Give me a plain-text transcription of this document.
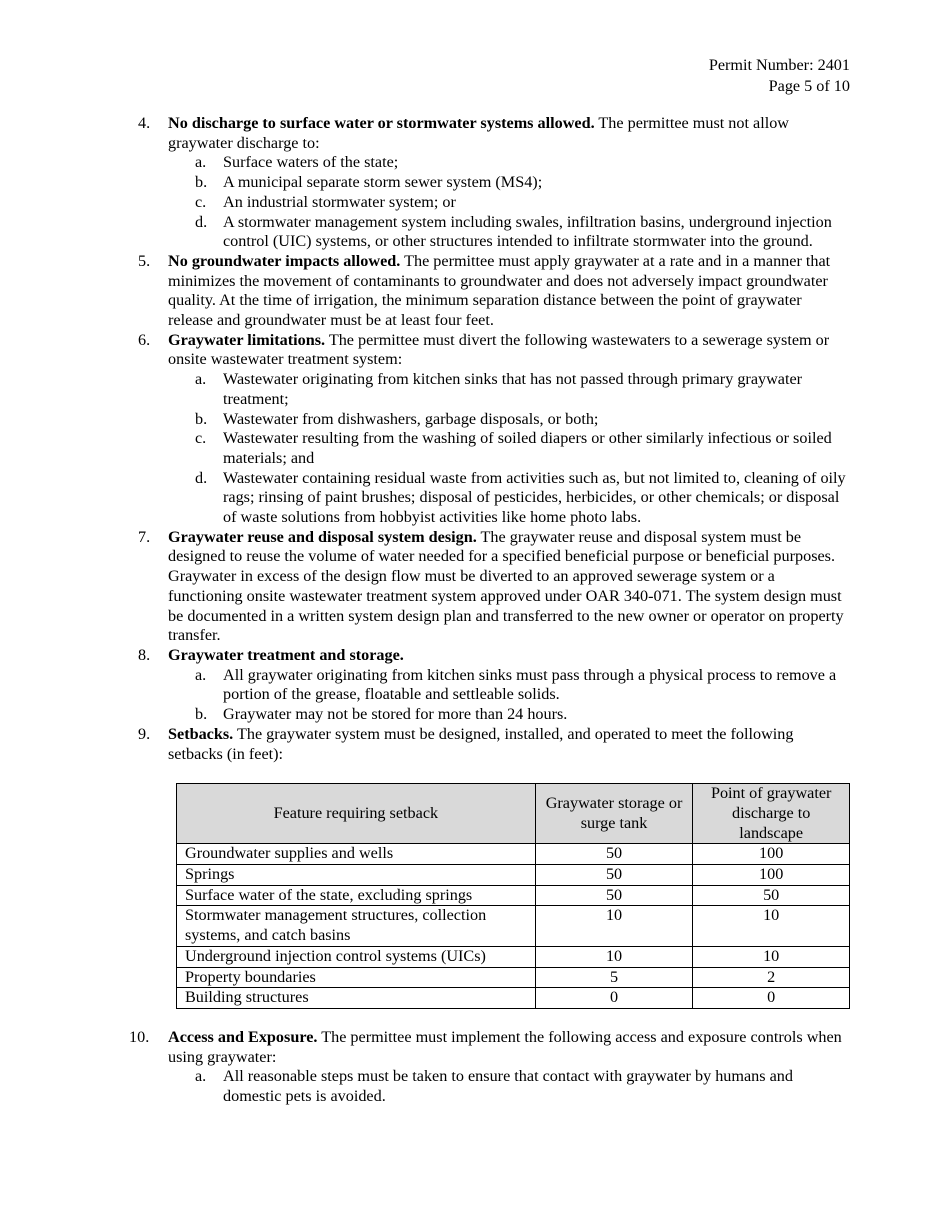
Permit Number: 2401
Page 5 of 10
4. No discharge to surface water or stormwater systems allowed. The permittee must not allow graywater discharge to:
a. Surface waters of the state;
b. A municipal separate storm sewer system (MS4);
c. An industrial stormwater system; or
d. A stormwater management system including swales, infiltration basins, underground injection control (UIC) systems, or other structures intended to infiltrate stormwater into the ground.
5. No groundwater impacts allowed. The permittee must apply graywater at a rate and in a manner that minimizes the movement of contaminants to groundwater and does not adversely impact groundwater quality. At the time of irrigation, the minimum separation distance between the point of graywater release and groundwater must be at least four feet.
6. Graywater limitations. The permittee must divert the following wastewaters to a sewerage system or onsite wastewater treatment system:
a. Wastewater originating from kitchen sinks that has not passed through primary graywater treatment;
b. Wastewater from dishwashers, garbage disposals, or both;
c. Wastewater resulting from the washing of soiled diapers or other similarly infectious or soiled materials; and
d. Wastewater containing residual waste from activities such as, but not limited to, cleaning of oily rags; rinsing of paint brushes; disposal of pesticides, herbicides, or other chemicals; or disposal of waste solutions from hobbyist activities like home photo labs.
7. Graywater reuse and disposal system design. The graywater reuse and disposal system must be designed to reuse the volume of water needed for a specified beneficial purpose or beneficial purposes. Graywater in excess of the design flow must be diverted to an approved sewerage system or a functioning onsite wastewater treatment system approved under OAR 340-071. The system design must be documented in a written system design plan and transferred to the new owner or operator on property transfer.
8. Graywater treatment and storage.
a. All graywater originating from kitchen sinks must pass through a physical process to remove a portion of the grease, floatable and settleable solids.
b. Graywater may not be stored for more than 24 hours.
9. Setbacks. The graywater system must be designed, installed, and operated to meet the following setbacks (in feet):
Feature requiring setback	Graywater storage or surge tank	Point of graywater discharge to landscape
Groundwater supplies and wells	50	100
Springs	50	100
Surface water of the state, excluding springs	50	50
Stormwater management structures, collection systems, and catch basins	10	10
Underground injection control systems (UICs)	10	10
Property boundaries	5	2
Building structures	0	0
10. Access and Exposure. The permittee must implement the following access and exposure controls when using graywater:
a. All reasonable steps must be taken to ensure that contact with graywater by humans and domestic pets is avoided.
